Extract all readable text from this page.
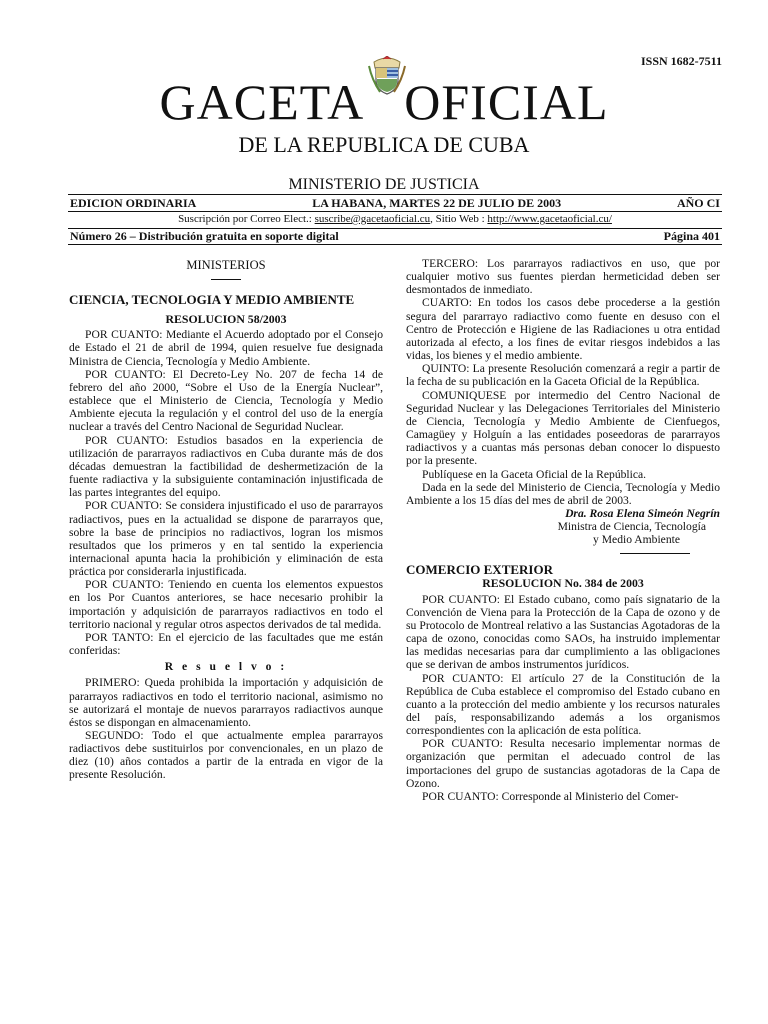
ISSN 1682-7511
GACETA OFICIAL
DE LA REPUBLICA DE CUBA
MINISTERIO DE JUSTICIA
EDICION ORDINARIA	LA HABANA, MARTES 22 DE JULIO DE 2003	AÑO CI
Suscripción por Correo Elect.: suscribe@gacetaoficial.cu, Sitio Web : http://www.gacetaoficial.cu/
Número 26 – Distribución gratuita en soporte digital	Página 401

MINISTERIOS

CIENCIA, TECNOLOGIA Y MEDIO AMBIENTE

RESOLUCION 58/2003

POR CUANTO: Mediante el Acuerdo adoptado por el Consejo de Estado el 21 de abril de 1994, quien resuelve fue designada Ministra de Ciencia, Tecnología y Medio Ambiente.

POR CUANTO: El Decreto-Ley No. 207 de fecha 14 de febrero del año 2000, “Sobre el Uso de la Energía Nuclear”, establece que el Ministerio de Ciencia, Tecnología y Medio Ambiente ejecuta la regulación y el control del uso de la energía nuclear a través del Centro Nacional de Seguridad Nuclear.

POR CUANTO: Estudios basados en la experiencia de utilización de pararrayos radiactivos en Cuba durante más de dos décadas demuestran la factibilidad de deshermetización de la fuente radiactiva y la subsiguiente contaminación injustificada de las partes integrantes del equipo.

POR CUANTO: Se considera injustificado el uso de pararrayos radiactivos, pues en la actualidad se dispone de pararrayos que, sobre la base de principios no radiactivos, logran los mismos resultados que los primeros y en tal sentido la experiencia internacional apunta hacia la prohibición y eliminación de esta práctica por considerarla injustificada.

POR CUANTO: Teniendo en cuenta los elementos expuestos en los Por Cuantos anteriores, se hace necesario prohibir la importación y adquisición de pararrayos radiactivos en todo el territorio nacional y regular otros aspectos derivados de tal medida.

POR TANTO: En el ejercicio de las facultades que me están conferidas:

R e s u e l v o :

PRIMERO: Queda prohibida la importación y adquisición de pararrayos radiactivos en todo el territorio nacional, asimismo no se autorizará el montaje de nuevos pararrayos radiactivos aunque éstos se dispongan en almacenamiento.

SEGUNDO: Todo el que actualmente emplea pararrayos radiactivos debe sustituirlos por convencionales, en un plazo de diez (10) años contados a partir de la entrada en vigor de la presente Resolución.

TERCERO: Los pararrayos radiactivos en uso, que por cualquier motivo sus fuentes pierdan hermeticidad deben ser desmontados de inmediato.

CUARTO: En todos los casos debe procederse a la gestión segura del pararrayo radiactivo como fuente en desuso con el Centro de Protección e Higiene de las Radiaciones u otra entidad autorizada al efecto, a los fines de evitar riesgos indebidos a las vidas, los bienes y el medio ambiente.

QUINTO: La presente Resolución comenzará a regir a partir de la fecha de su publicación en la Gaceta Oficial de la República.

COMUNIQUESE por intermedio del Centro Nacional de Seguridad Nuclear y las Delegaciones Territoriales del Ministerio de Ciencia, Tecnología y Medio Ambiente de Cienfuegos, Camagüey y Holguín a las entidades poseedoras de pararrayos radiactivos y a cuantas más personas deban conocer lo dispuesto por la presente.

Publíquese en la Gaceta Oficial de la República.

Dada en la sede del Ministerio de Ciencia, Tecnología y Medio Ambiente a los 15 días del mes de abril de 2003.

Dra. Rosa Elena Simeón Negrín

Ministra de Ciencia, Tecnología

y Medio Ambiente

COMERCIO EXTERIOR

RESOLUCION No. 384 de 2003

POR CUANTO: El Estado cubano, como país signatario de la Convención de Viena para la Protección de la Capa de ozono y de su Protocolo de Montreal relativo a las Sustancias Agotadoras de la capa de ozono, conocidas como SAOs, ha instruido implementar las medidas necesarias para dar cumplimiento a las obligaciones que se derivan de ambos instrumentos jurídicos.

POR CUANTO: El artículo 27 de la Constitución de la República de Cuba establece el compromiso del Estado cubano en cuanto a la protección del medio ambiente y los recursos naturales del país, responsabilizando además a los organismos correspondientes con la aplicación de esta política.

POR CUANTO: Resulta necesario implementar normas de organización que permitan el adecuado control de las importaciones del grupo de sustancias agotadoras de la Capa de Ozono.

POR CUANTO: Corresponde al Ministerio del Comer-
